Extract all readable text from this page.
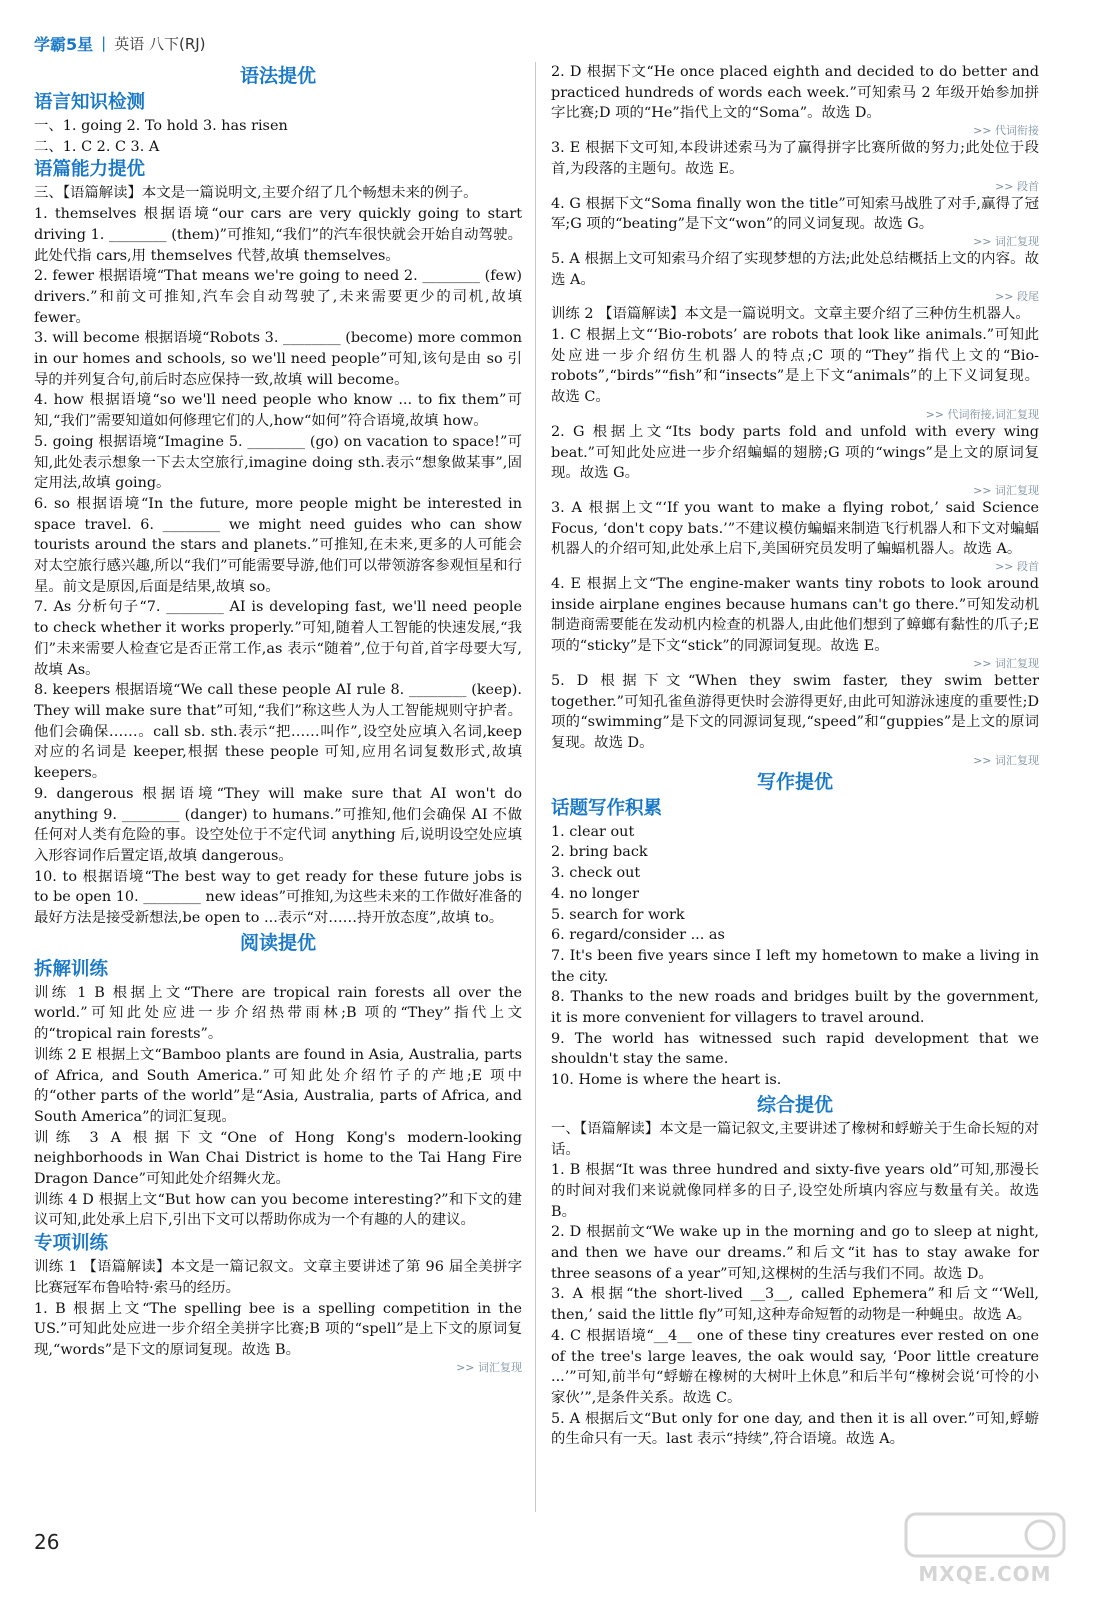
学霸5星 | 英语 八下(RJ)
语法提优
语言知识检测

一、1. going 2. To hold 3. has risen

二、1. C 2. C 3. A

语篇能力提优

三、【语篇解读】本文是一篇说明文,主要介绍了几个畅想未来的例子。

1. themselves 根据语境“our cars are very quickly going to start driving 1. ________ (them)”可推知,“我们”的汽车很快就会开始自动驾驶。此处代指 cars,用 themselves 代替,故填 themselves。

2. fewer 根据语境“That means we're going to need 2. ________ (few) drivers.”和前文可推知,汽车会自动驾驶了,未来需要更少的司机,故填 fewer。

3. will become 根据语境“Robots 3. ________ (become) more common in our homes and schools, so we'll need people”可知,该句是由 so 引导的并列复合句,前后时态应保持一致,故填 will become。

4. how 根据语境“so we'll need people who know ... to fix them”可知,“我们”需要知道如何修理它们的人,how“如何”符合语境,故填 how。

5. going 根据语境“Imagine 5. ________ (go) on vacation to space!”可知,此处表示想象一下去太空旅行,imagine doing sth.表示“想象做某事”,固定用法,故填 going。

6. so 根据语境“In the future, more people might be interested in space travel. 6. ________ we might need guides who can show tourists around the stars and planets.”可推知,在未来,更多的人可能会对太空旅行感兴趣,所以“我们”可能需要导游,他们可以带领游客参观恒星和行星。前文是原因,后面是结果,故填 so。

7. As 分析句子“7. ________ AI is developing fast, we'll need people to check whether it works properly.”可知,随着人工智能的快速发展,“我们”未来需要人检查它是否正常工作,as 表示“随着”,位于句首,首字母要大写,故填 As。

8. keepers 根据语境“We call these people AI rule 8. ________ (keep). They will make sure that”可知,“我们”称这些人为人工智能规则守护者。他们会确保……。call sb. sth.表示“把……叫作”,设空处应填入名词,keep 对应的名词是 keeper,根据 these people 可知,应用名词复数形式,故填 keepers。

9. dangerous 根据语境“They will make sure that AI won't do anything 9. ________ (danger) to humans.”可推知,他们会确保 AI 不做任何对人类有危险的事。设空处位于不定代词 anything 后,说明设空处应填入形容词作后置定语,故填 dangerous。

10. to 根据语境“The best way to get ready for these future jobs is to be open 10. ________ new ideas”可推知,为这些未来的工作做好准备的最好方法是接受新想法,be open to ...表示“对……持开放态度”,故填 to。

阅读提优
拆解训练

训练 1 B 根据上文“There are tropical rain forests all over the world.”可知此处应进一步介绍热带雨林;B 项的“They”指代上文的“tropical rain forests”。

训练 2 E 根据上文“Bamboo plants are found in Asia, Australia, parts of Africa, and South America.”可知此处介绍竹子的产地;E 项中的“other parts of the world”是“Asia, Australia, parts of Africa, and South America”的词汇复现。

训练 3 A 根据下文“One of Hong Kong's modern-looking neighborhoods in Wan Chai District is home to the Tai Hang Fire Dragon Dance”可知此处介绍舞火龙。

训练 4 D 根据上文“But how can you become interesting?”和下文的建议可知,此处承上启下,引出下文可以帮助你成为一个有趣的人的建议。

专项训练

训练 1 【语篇解读】本文是一篇记叙文。文章主要讲述了第 96 届全美拼字比赛冠军布鲁哈特·索马的经历。

1. B 根据上文“The spelling bee is a spelling competition in the US.”可知此处应进一步介绍全美拼字比赛;B 项的“spell”是上下文的原词复现,“words”是下文的原词复现。故选 B。

>> 词汇复现

2. D 根据下文“He once placed eighth and decided to do better and practiced hundreds of words each week.”可知索马 2 年级开始参加拼字比赛;D 项的“He”指代上文的“Soma”。故选 D。

>> 代词衔接

3. E 根据下文可知,本段讲述索马为了赢得拼字比赛所做的努力;此处位于段首,为段落的主题句。故选 E。

>> 段首

4. G 根据下文“Soma finally won the title”可知索马战胜了对手,赢得了冠军;G 项的“beating”是下文“won”的同义词复现。故选 G。

>> 词汇复现

5. A 根据上文可知索马介绍了实现梦想的方法;此处总结概括上文的内容。故选 A。

>> 段尾

训练 2 【语篇解读】本文是一篇说明文。文章主要介绍了三种仿生机器人。

1. C 根据上文“‘Bio-robots’ are robots that look like animals.”可知此处应进一步介绍仿生机器人的特点;C 项的“They”指代上文的“Bio-robots”,“birds”“fish”和“insects”是上下文“animals”的上下义词复现。故选 C。

>> 代词衔接,词汇复现

2. G 根据上文“Its body parts fold and unfold with every wing beat.”可知此处应进一步介绍蝙蝠的翅膀;G 项的“wings”是上文的原词复现。故选 G。

>> 词汇复现

3. A 根据上文“‘If you want to make a flying robot,’ said Science Focus, ‘don't copy bats.’”不建议模仿蝙蝠来制造飞行机器人和下文对蝙蝠机器人的介绍可知,此处承上启下,美国研究员发明了蝙蝠机器人。故选 A。

>> 段首

4. E 根据上文“The engine-maker wants tiny robots to look around inside airplane engines because humans can't go there.”可知发动机制造商需要能在发动机内检查的机器人,由此他们想到了蟑螂有黏性的爪子;E 项的“sticky”是下文“stick”的同源词复现。故选 E。

>> 词汇复现

5. D 根据下文“When they swim faster, they swim better together.”可知孔雀鱼游得更快时会游得更好,由此可知游泳速度的重要性;D 项的“swimming”是下文的同源词复现,“speed”和“guppies”是上文的原词复现。故选 D。

>> 词汇复现
写作提优
话题写作积累

1. clear out

2. bring back

3. check out

4. no longer

5. search for work

6. regard/consider ... as

7. It's been five years since I left my hometown to make a living in the city.

8. Thanks to the new roads and bridges built by the government, it is more convenient for villagers to travel around.

9. The world has witnessed such rapid development that we shouldn't stay the same.

10. Home is where the heart is.

综合提优

一、【语篇解读】本文是一篇记叙文,主要讲述了橡树和蜉蝣关于生命长短的对话。

1. B 根据“It was three hundred and sixty-five years old”可知,那漫长的时间对我们来说就像同样多的日子,设空处所填内容应与数量有关。故选 B。

2. D 根据前文“We wake up in the morning and go to sleep at night, and then we have our dreams.”和后文“it has to stay awake for three seasons of a year”可知,这棵树的生活与我们不同。故选 D。

3. A 根据“the short-lived __3__, called Ephemera”和后文“‘Well, then,’ said the little fly”可知,这种寿命短暂的动物是一种蝇虫。故选 A。

4. C 根据语境“__4__ one of these tiny creatures ever rested on one of the tree's large leaves, the oak would say, ‘Poor little creature ...’”可知,前半句“蜉蝣在橡树的大树叶上休息”和后半句“橡树会说‘可怜的小家伙’”,是条件关系。故选 C。

5. A 根据后文“But only for one day, and then it is all over.”可知,蜉蝣的生命只有一天。last 表示“持续”,符合语境。故选 A。

26
MXQE.COM
